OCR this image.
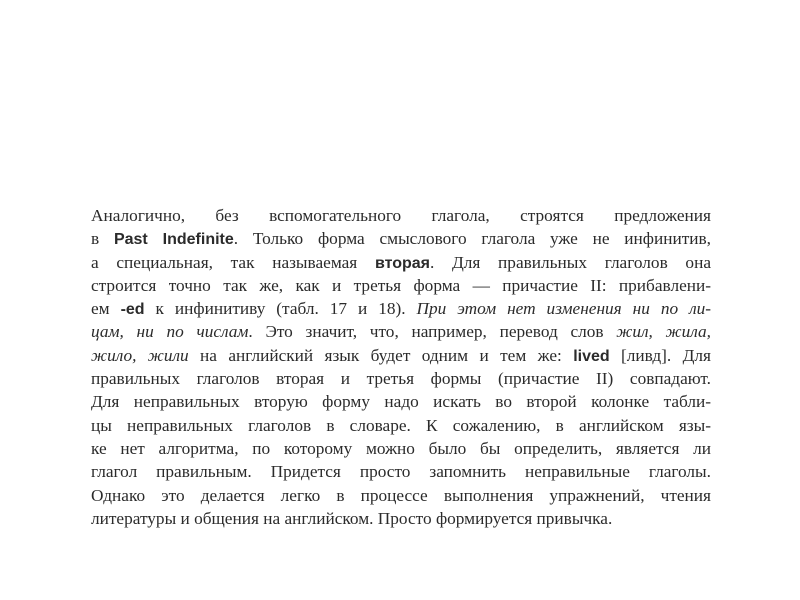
Аналогично, без вспомогательного глагола, строятся предложения
в Past Indefinite. Только форма смыслового глагола уже не инфинитив,
а специальная, так называемая вторая. Для правильных глаголов она
строится точно так же, как и третья форма — причастие II: прибавлени-
ем -ed к инфинитиву (табл. 17 и 18). При этом нет изменения ни по ли-
цам, ни по числам. Это значит, что, например, перевод слов жил, жила,
жило, жили на английский язык будет одним и тем же: lived [ливд]. Для
правильных глаголов вторая и третья формы (причастие II) совпадают.
Для неправильных вторую форму надо искать во второй колонке табли-
цы неправильных глаголов в словаре. К сожалению, в английском язы-
ке нет алгоритма, по которому можно было бы определить, является ли
глагол правильным. Придется просто запомнить неправильные глаголы.
Однако это делается легко в процессе выполнения упражнений, чтения
литературы и общения на английском. Просто формируется привычка.
